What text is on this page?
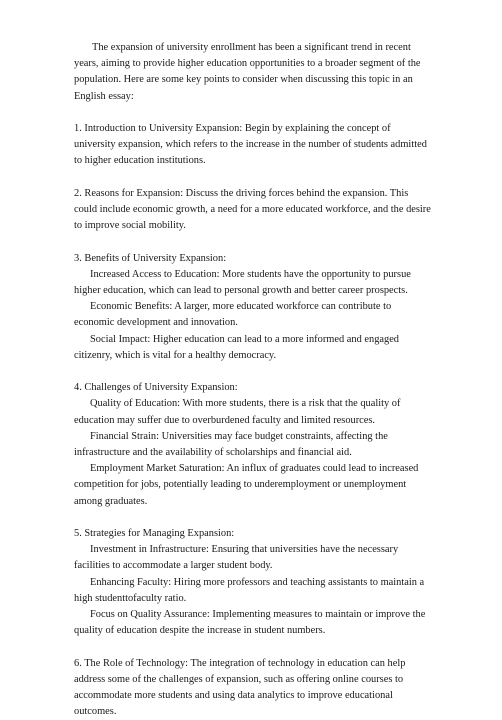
The expansion of university enrollment has been a significant trend in recent years, aiming to provide higher education opportunities to a broader segment of the population. Here are some key points to consider when discussing this topic in an English essay:

1. Introduction to University Expansion: Begin by explaining the concept of university expansion, which refers to the increase in the number of students admitted to higher education institutions.

2. Reasons for Expansion: Discuss the driving forces behind the expansion. This could include economic growth, a need for a more educated workforce, and the desire to improve social mobility.

3. Benefits of University Expansion:

Increased Access to Education: More students have the opportunity to pursue higher education, which can lead to personal growth and better career prospects.

Economic Benefits: A larger, more educated workforce can contribute to economic development and innovation.

Social Impact: Higher education can lead to a more informed and engaged citizenry, which is vital for a healthy democracy.

4. Challenges of University Expansion:

Quality of Education: With more students, there is a risk that the quality of education may suffer due to overburdened faculty and limited resources.

Financial Strain: Universities may face budget constraints, affecting the infrastructure and the availability of scholarships and financial aid.

Employment Market Saturation: An influx of graduates could lead to increased competition for jobs, potentially leading to underemployment or unemployment among graduates.

5. Strategies for Managing Expansion:

Investment in Infrastructure: Ensuring that universities have the necessary facilities to accommodate a larger student body.

Enhancing Faculty: Hiring more professors and teaching assistants to maintain a high studenttofaculty ratio.

Focus on Quality Assurance: Implementing measures to maintain or improve the quality of education despite the increase in student numbers.

6. The Role of Technology: The integration of technology in education can help address some of the challenges of expansion, such as offering online courses to accommodate more students and using data analytics to improve educational outcomes.
